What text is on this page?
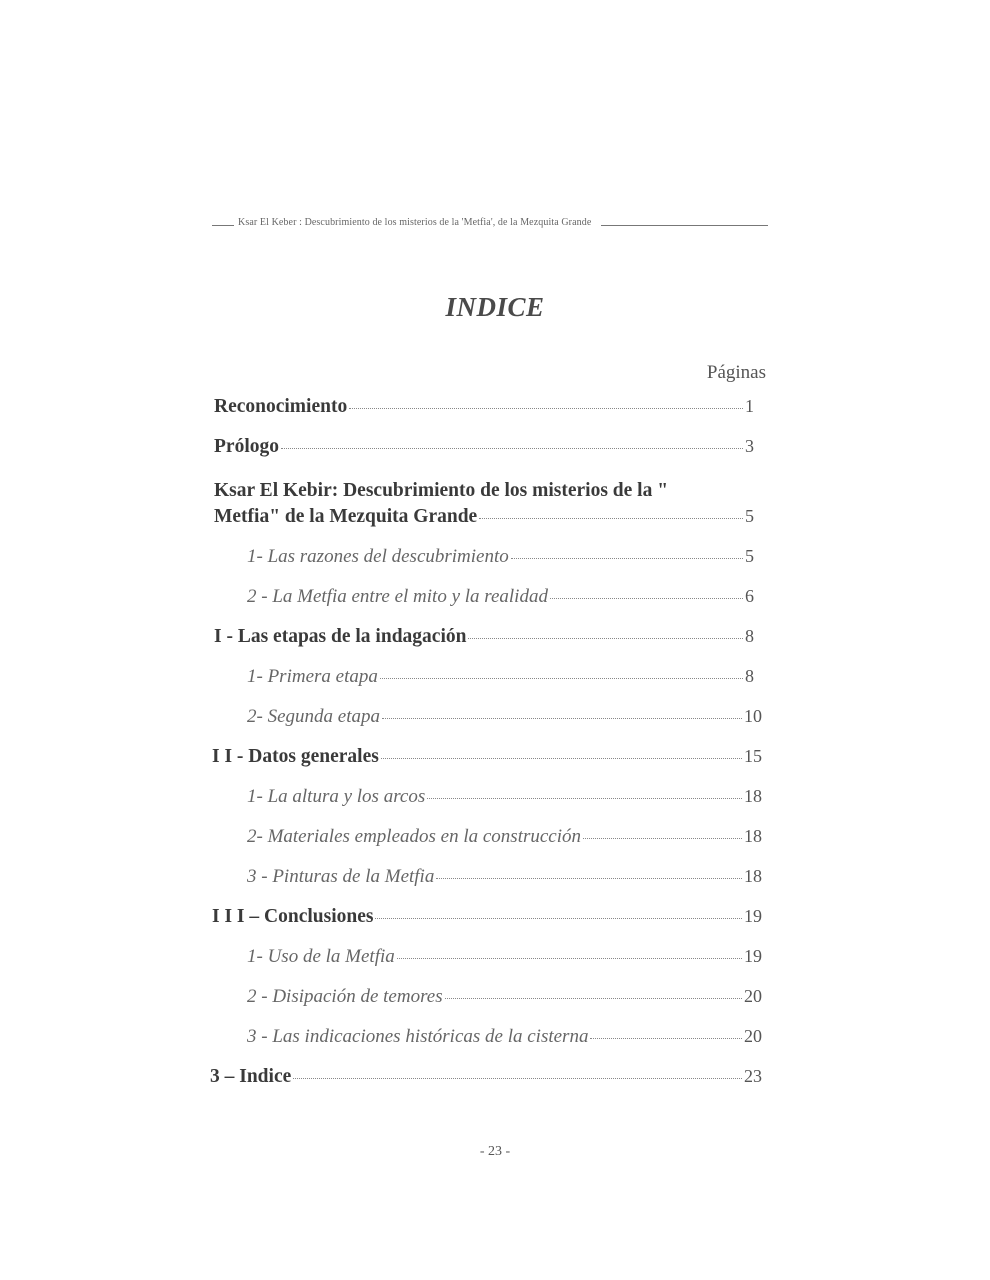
Ksar El Keber : Descubrimiento de los misterios de la 'Metfia', de la Mezquita Grande
INDICE
Páginas
Reconocimiento	1
Prólogo	3
Ksar El Kebir: Descubrimiento de los misterios de la "
Metfia" de la Mezquita Grande	5
1- Las razones del descubrimiento	5
2 - La Metfia entre el mito y la realidad	6
I - Las etapas de la indagación	8
1- Primera etapa	8
2- Segunda etapa	10
I I - Datos generales	15
1- La altura y los arcos	18
2- Materiales empleados en la construcción	18
3 - Pinturas de la Metfia	18
I I I – Conclusiones	19
1- Uso de la Metfia	19
2 - Disipación de temores	20
3 - Las indicaciones históricas de la cisterna	20
3 – Indice	23
- 23 -
